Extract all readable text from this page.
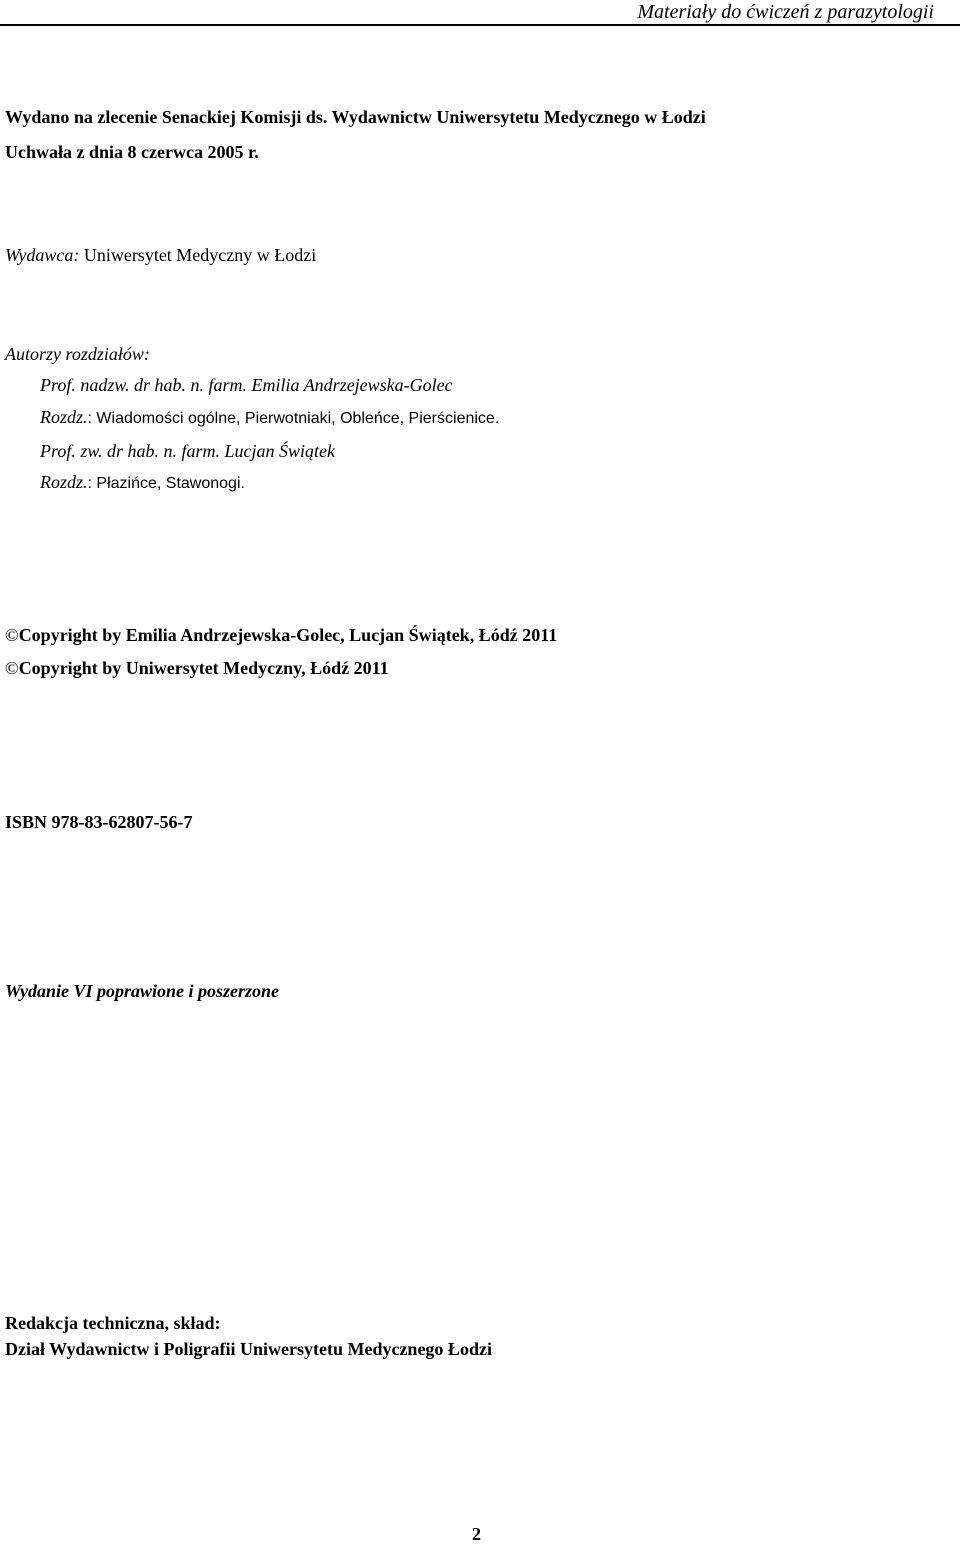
Materiały do ćwiczeń z parazytologii
Wydano na zlecenie Senackiej Komisji ds. Wydawnictw Uniwersytetu Medycznego w Łodzi
Uchwała z dnia 8 czerwca 2005 r.
Wydawca: Uniwersytet Medyczny w Łodzi
Autorzy rozdziałów:
Prof. nadzw. dr hab. n. farm. Emilia Andrzejewska-Golec
Rozdz.: Wiadomości ogólne, Pierwotniaki, Obleńce, Pierścienice.
Prof. zw. dr hab. n. farm. Lucjan Świątek
Rozdz.: Płazińce, Stawonogi.
©Copyright by Emilia Andrzejewska-Golec, Lucjan Świątek, Łódź 2011
©Copyright by Uniwersytet Medyczny, Łódź 2011
ISBN 978-83-62807-56-7
Wydanie VI poprawione i poszerzone
Redakcja techniczna, skład:
Dział Wydawnictw i Poligrafii Uniwersytetu Medycznego Łodzi
2
